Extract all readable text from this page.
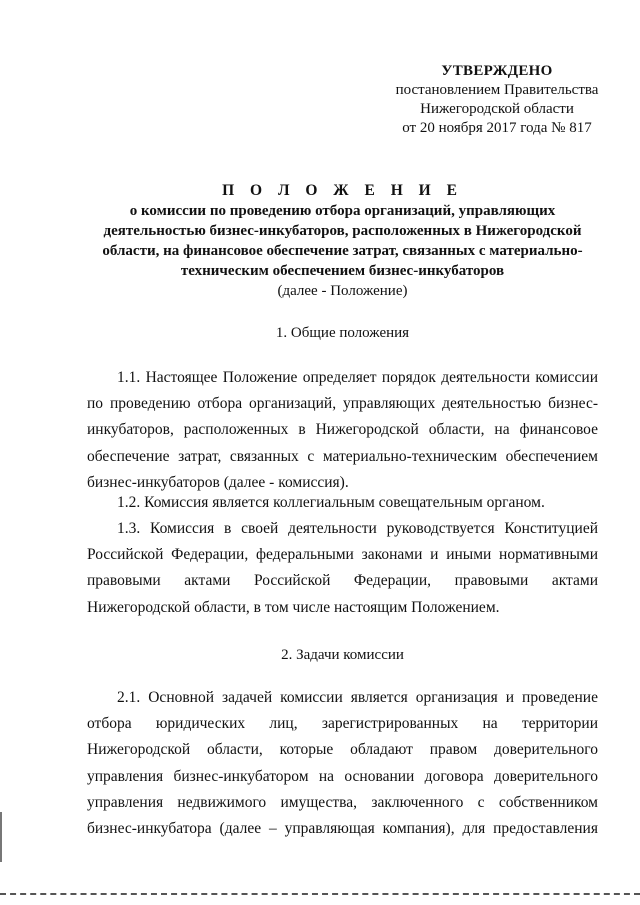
УТВЕРЖДЕНО
постановлением Правительства
Нижегородской области
от 20 ноября 2017 года № 817
П О Л О Ж Е Н И Е
о комиссии по проведению отбора организаций, управляющих деятельностью бизнес-инкубаторов, расположенных в Нижегородской области, на финансовое обеспечение затрат, связанных с материально-техническим обеспечением бизнес-инкубаторов
(далее - Положение)
1. Общие положения
1.1. Настоящее Положение определяет порядок деятельности комиссии по проведению отбора организаций, управляющих деятельностью бизнес-инкубаторов, расположенных в Нижегородской области, на финансовое обеспечение затрат, связанных с материально-техническим обеспечением бизнес-инкубаторов (далее - комиссия).
1.2. Комиссия является коллегиальным совещательным органом.
1.3. Комиссия в своей деятельности руководствуется Конституцией Российской Федерации, федеральными законами и иными нормативными правовыми актами Российской Федерации, правовыми актами Нижегородской области, в том числе настоящим Положением.
2. Задачи комиссии
2.1. Основной задачей комиссии является организация и проведение отбора юридических лиц, зарегистрированных на территории Нижегородской области, которые обладают правом доверительного управления бизнес-инкубатором на основании договора доверительного управления недвижимого имущества, заключенного с собственником бизнес-инкубатора (далее – управляющая компания), для предоставления
